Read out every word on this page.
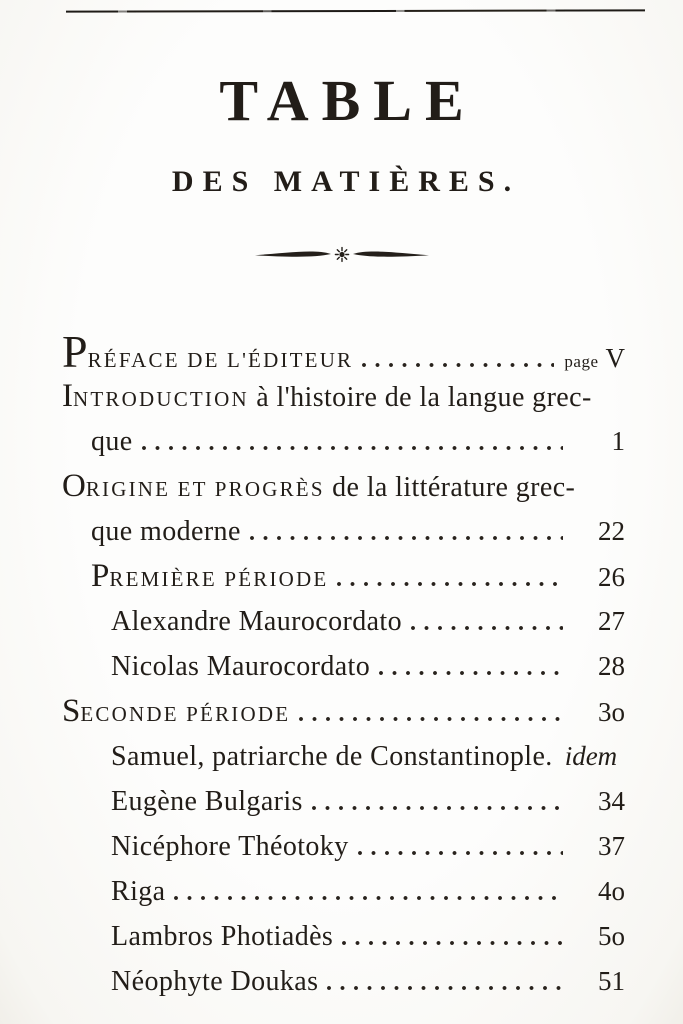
TABLE
DES MATIÈRES.
PRÉFACE DE L'ÉDITEUR	page V
INTRODUCTION à l'histoire de la langue grec-
que	1
ORIGINE ET PROGRÈS de la littérature grec-
que moderne	22
PREMIÈRE PÉRIODE	26
Alexandre Maurocordato	27
Nicolas Maurocordato	28
SECONDE PÉRIODE	3o
Samuel, patriarche de Constantinople. idem
Eugène Bulgaris	34
Nicéphore Théotoky	37
Riga	4o
Lambros Photiadès	5o
Néophyte Doukas	51
